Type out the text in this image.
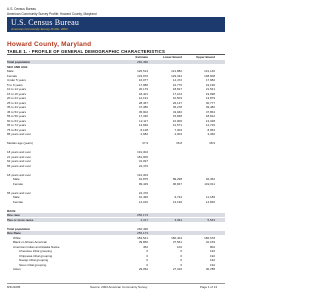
U.S. Census Bureau
American Community Survey Profile: Howard County, Maryland
U.S. Census Bureau
American Community Survey Profile: 2004
Howard County, Maryland
TABLE 1. - PROFILE OF GENERAL DEMOGRAPHIC CHARACTERISTICS
Estimate	Lower Bound	Upper Bound
Total population	260,490
SEX AND AGE
Male	126,514	121,882	131,146
Female	133,976	129,344	138,608
Under 5 years	16,077	14,472	17,682
5 to 9 years	17,986	16,776	19,196
10 to 14 years	20,179	18,817	21,541
15 to 19 years	18,401	17,104	19,698
20 to 24 years	12,191	10,503	13,879
25 to 34 years	28,457	26,137	30,777
35 to 44 years	47,380	45,278	49,482
45 to 54 years	45,902	43,940	47,864
55 to 59 years	17,330	15,848	18,812
60 to 64 years	12,117	10,906	13,328
65 to 74 years	13,660	12,571	14,749
75 to 84 years	8,128	7,303	8,953
85 years and over	2,682	2,004	3,360
Median age (years)	37.9	36.8	38.9
18 years and over	191,304
21 years and over	181,906
62 years and over	31,097
65 years and over	24,470
18 years and over	191,304
Male	91,875	89,298	94,452
Female	99,429	96,847	102,011
65 years and over	24,470
Male	10,460	9,734	11,186
Female	14,010	13,190	14,830
RACE
One race	256,173
Two or more races	4,317	3,091	5,543
Total population	260,490
One Race	256,173
White	183,541	180,404	186,678
Black or African American	39,860	37,561	42,159
American Indian and Alaska Native	452	102	802
Cherokee tribal grouping	0	0	192
Chippewa tribal grouping	0	0	192
Navajo tribal grouping	0	0	192
Sioux tribal grouping	0	0	192
Asian	29,052	27,316	30,788
8/31/2005	Source: 2004 American Community Survey	Page 1 of 13
